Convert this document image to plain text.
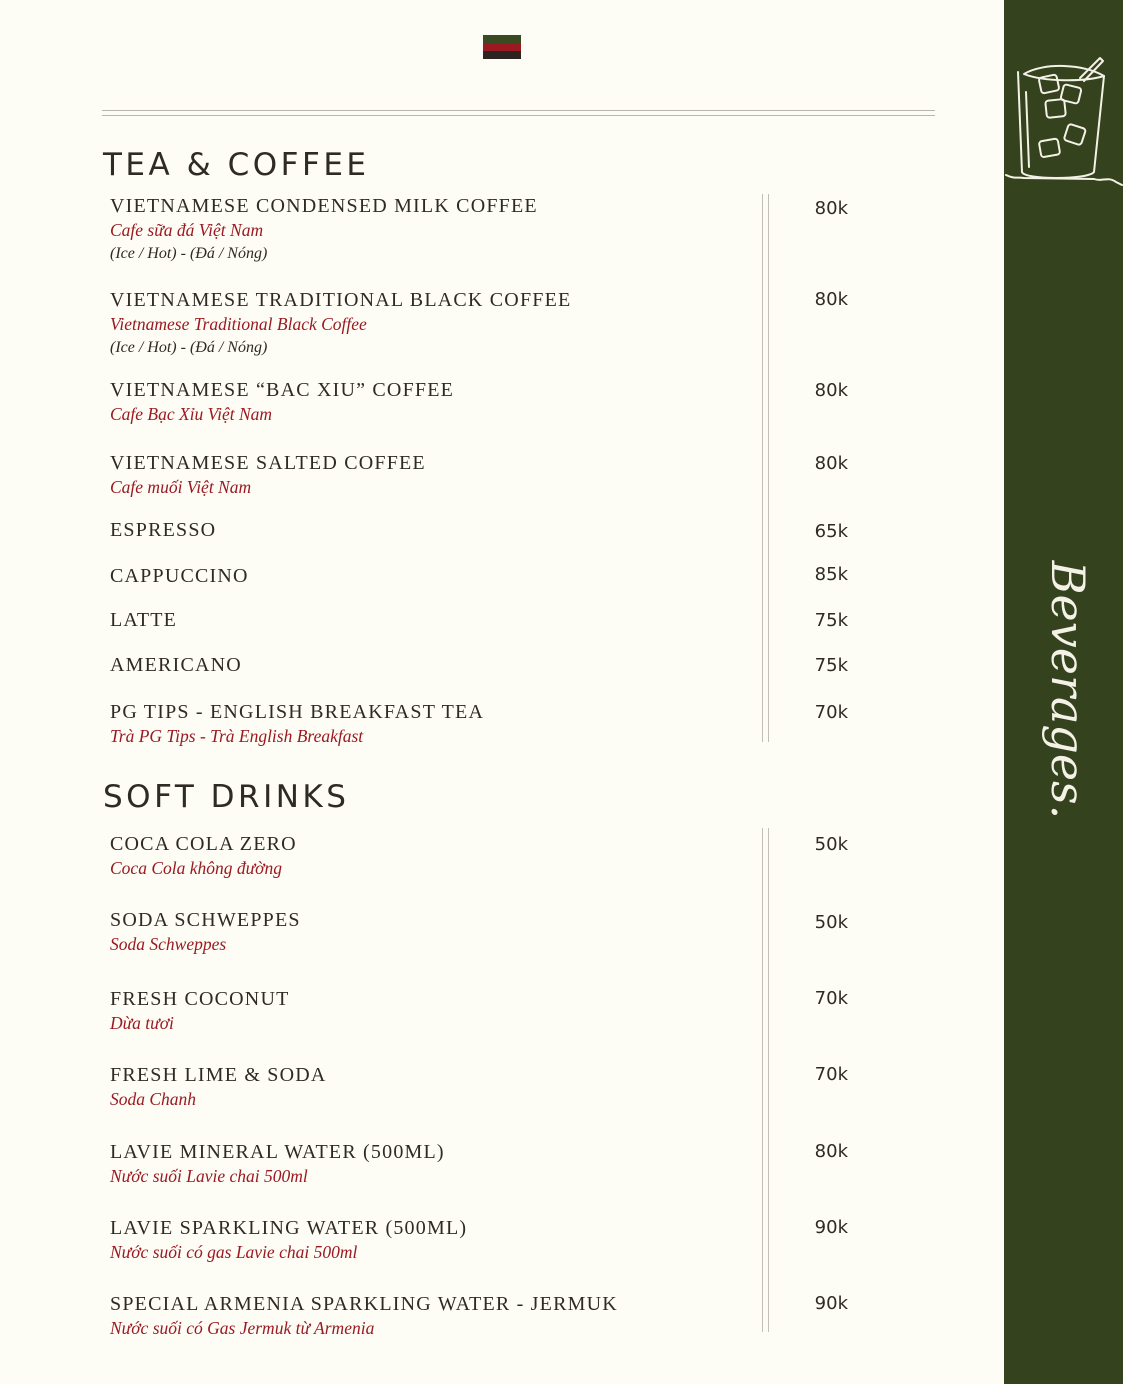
TEA & COFFEE
VIETNAMESE CONDENSED MILK COFFEE
Cafe sữa đá Việt Nam
(Ice / Hot) - (Đá / Nóng)
80k
VIETNAMESE TRADITIONAL BLACK COFFEE
Vietnamese Traditional Black Coffee
(Ice / Hot) - (Đá / Nóng)
80k
VIETNAMESE “BAC XIU” COFFEE
Cafe Bạc Xỉu Việt Nam
80k
VIETNAMESE SALTED COFFEE
Cafe muối Việt Nam
80k
ESPRESSO	65k
CAPPUCCINO	85k
LATTE	75k
AMERICANO	75k
PG TIPS - ENGLISH BREAKFAST TEA
Trà PG Tips - Trà English Breakfast
70k
SOFT DRINKS
COCA COLA ZERO
Coca Cola không đường
50k
SODA SCHWEPPES
Soda Schweppes
50k
FRESH COCONUT
Dừa tươi
70k
FRESH LIME & SODA
Soda Chanh
70k
LAVIE MINERAL WATER (500ML)
Nước suối Lavie chai 500ml
80k
LAVIE SPARKLING WATER (500ML)
Nước suối có gas Lavie chai 500ml
90k
SPECIAL ARMENIA SPARKLING WATER - JERMUK
Nước suối có Gas Jermuk từ Armenia
90k
Beverages.
